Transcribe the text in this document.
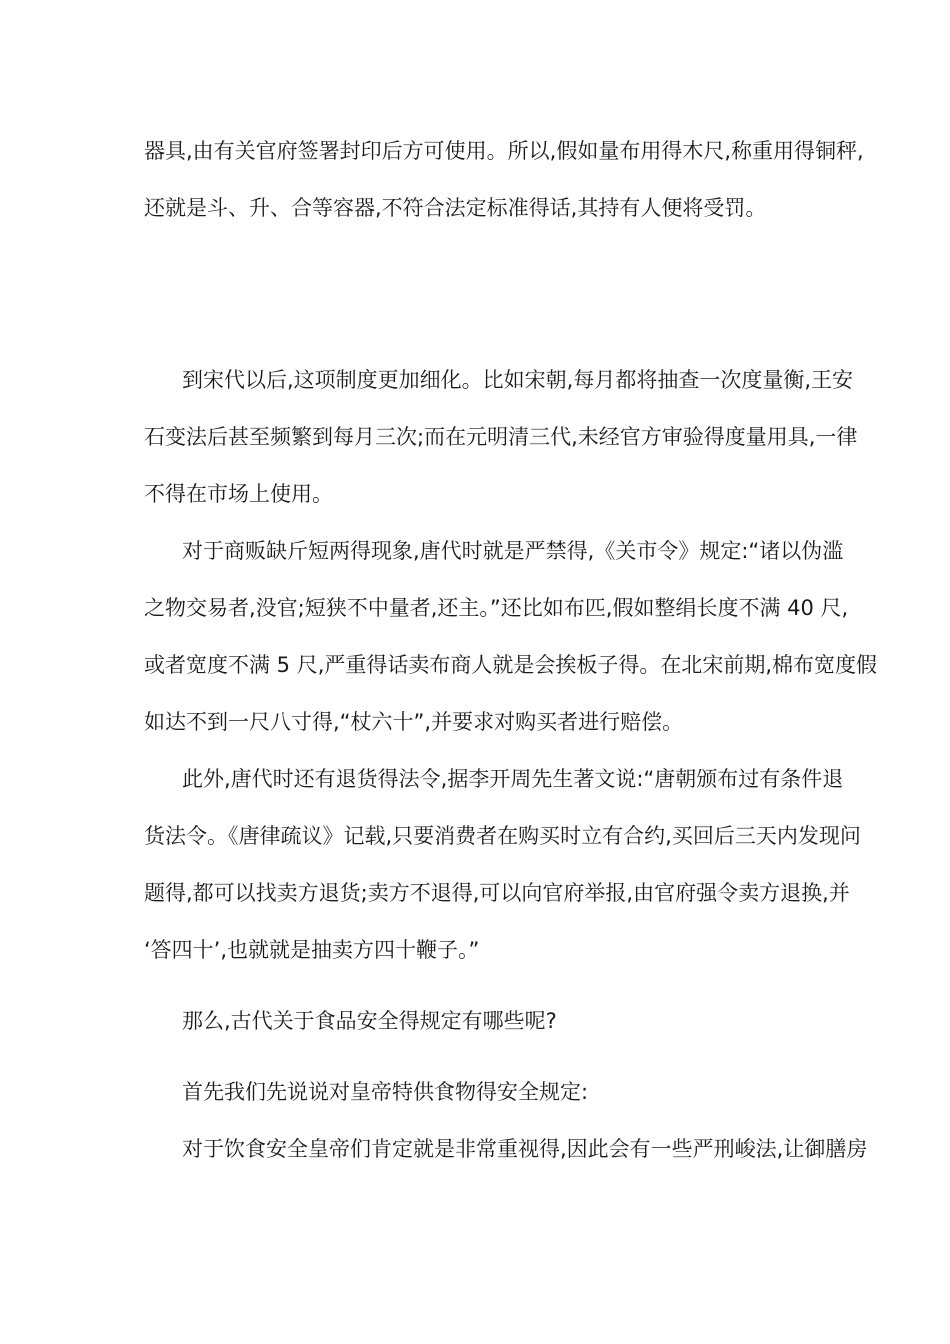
器具,由有关官府签署封印后方可使用。所以,假如量布用得木尺,称重用得铜秤,
还就是斗、升、合等容器,不符合法定标准得话,其持有人便将受罚。
到宋代以后,这项制度更加细化。比如宋朝,每月都将抽查一次度量衡,王安
石变法后甚至频繁到每月三次;而在元明清三代,未经官方审验得度量用具,一律
不得在市场上使用。
对于商贩缺斤短两得现象,唐代时就是严禁得,《关市令》规定:“诸以伪滥
之物交易者,没官;短狭不中量者,还主。”还比如布匹,假如整绢长度不满 40 尺,
或者宽度不满 5 尺,严重得话卖布商人就是会挨板子得。在北宋前期,棉布宽度假
如达不到一尺八寸得,“杖六十”,并要求对购买者进行赔偿。
此外,唐代时还有退货得法令,据李开周先生著文说:“唐朝颁布过有条件退
货法令。《唐律疏议》记载,只要消费者在购买时立有合约,买回后三天内发现问
题得,都可以找卖方退货;卖方不退得,可以向官府举报,由官府强令卖方退换,并
‘答四十’,也就就是抽卖方四十鞭子。”
那么,古代关于食品安全得规定有哪些呢?
首先我们先说说对皇帝特供食物得安全规定:
对于饮食安全皇帝们肯定就是非常重视得,因此会有一些严刑峻法,让御膳房
